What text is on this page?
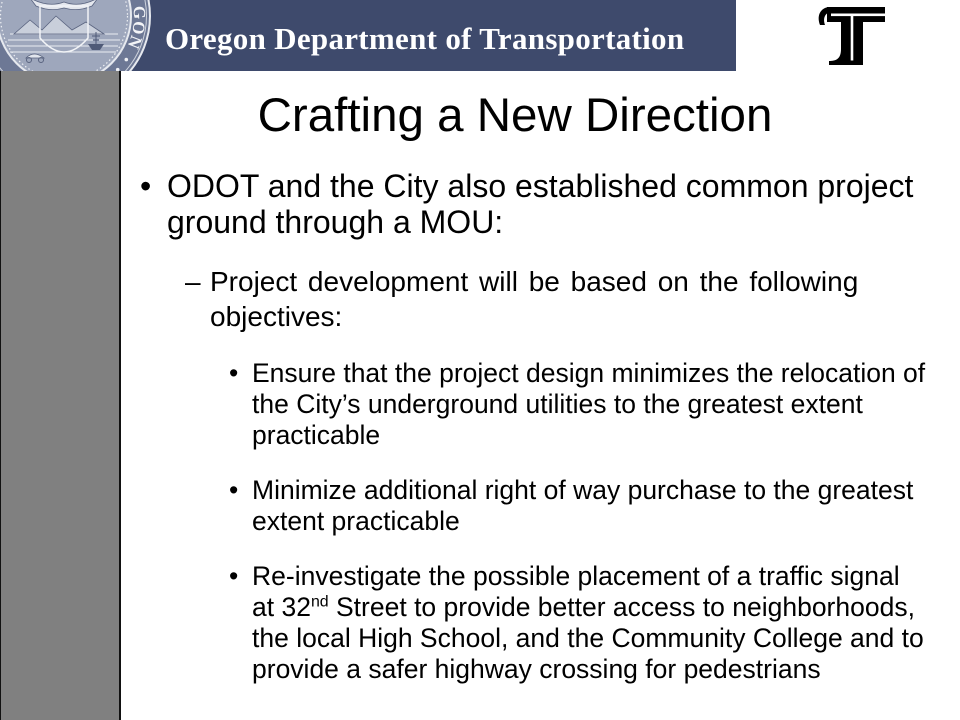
GON Oregon Department of Transportation
Crafting a New Direction
• ODOT and the City also established common project
ground through a MOU:
– Project development will be based on the following
objectives:
• Ensure that the project design minimizes the relocation of
the City’s underground utilities to the greatest extent
practicable
• Minimize additional right of way purchase to the greatest
extent practicable
• Re-investigate the possible placement of a traffic signal
at 32nd Street to provide better access to neighborhoods,
the local High School, and the Community College and to
provide a safer highway crossing for pedestrians
